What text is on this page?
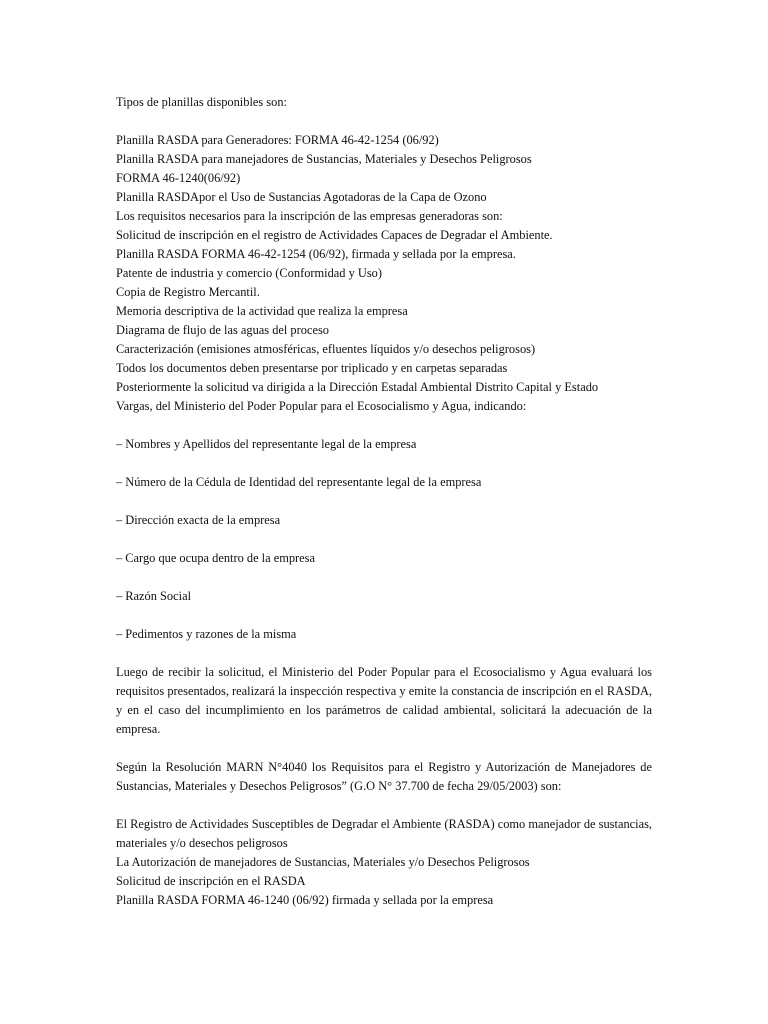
Tipos de planillas disponibles son:
Planilla RASDA para Generadores: FORMA 46-42-1254 (06/92)
Planilla RASDA para manejadores de Sustancias, Materiales y Desechos Peligrosos
FORMA 46-1240(06/92)
Planilla RASDApor el Uso de Sustancias Agotadoras de la Capa de Ozono
Los requisitos necesarios para la inscripción de las empresas generadoras son:
Solicitud de inscripción en el registro de Actividades Capaces de Degradar el Ambiente.
Planilla RASDA FORMA 46-42-1254 (06/92), firmada y sellada por la empresa.
Patente de industria y comercio (Conformidad y Uso)
Copia de Registro Mercantil.
Memoria descriptiva de la actividad que realiza la empresa
Diagrama de flujo de las aguas del proceso
Caracterización (emisiones atmosféricas, efluentes líquidos y/o desechos peligrosos)
Todos los documentos deben presentarse por triplicado y en carpetas separadas
Posteriormente la solicitud va dirigida a la Dirección Estadal Ambiental Distrito Capital y Estado
Vargas, del Ministerio del Poder Popular para el Ecosocialismo y Agua, indicando:
– Nombres y Apellidos del representante legal de la empresa
– Número de la Cédula de Identidad del representante legal de la empresa
– Dirección exacta de la empresa
– Cargo que ocupa dentro de la empresa
– Razón Social
– Pedimentos y razones de la misma

Luego de recibir la solicitud, el Ministerio del Poder Popular para el Ecosocialismo y Agua evaluará los requisitos presentados, realizará la inspección respectiva y emite la constancia de inscripción en el RASDA, y en el caso del incumplimiento en los parámetros de calidad ambiental, solicitará la adecuación de la empresa.

Según la Resolución MARN N°4040 los Requisitos para el Registro y Autorización de Manejadores de Sustancias, Materiales y Desechos Peligrosos” (G.O N° 37.700 de fecha 29/05/2003) son:

El Registro de Actividades Susceptibles de Degradar el Ambiente (RASDA) como manejador de sustancias, materiales y/o desechos peligrosos

La Autorización de manejadores de Sustancias, Materiales y/o Desechos Peligrosos
Solicitud de inscripción en el RASDA
Planilla RASDA FORMA 46-1240 (06/92) firmada y sellada por la empresa
